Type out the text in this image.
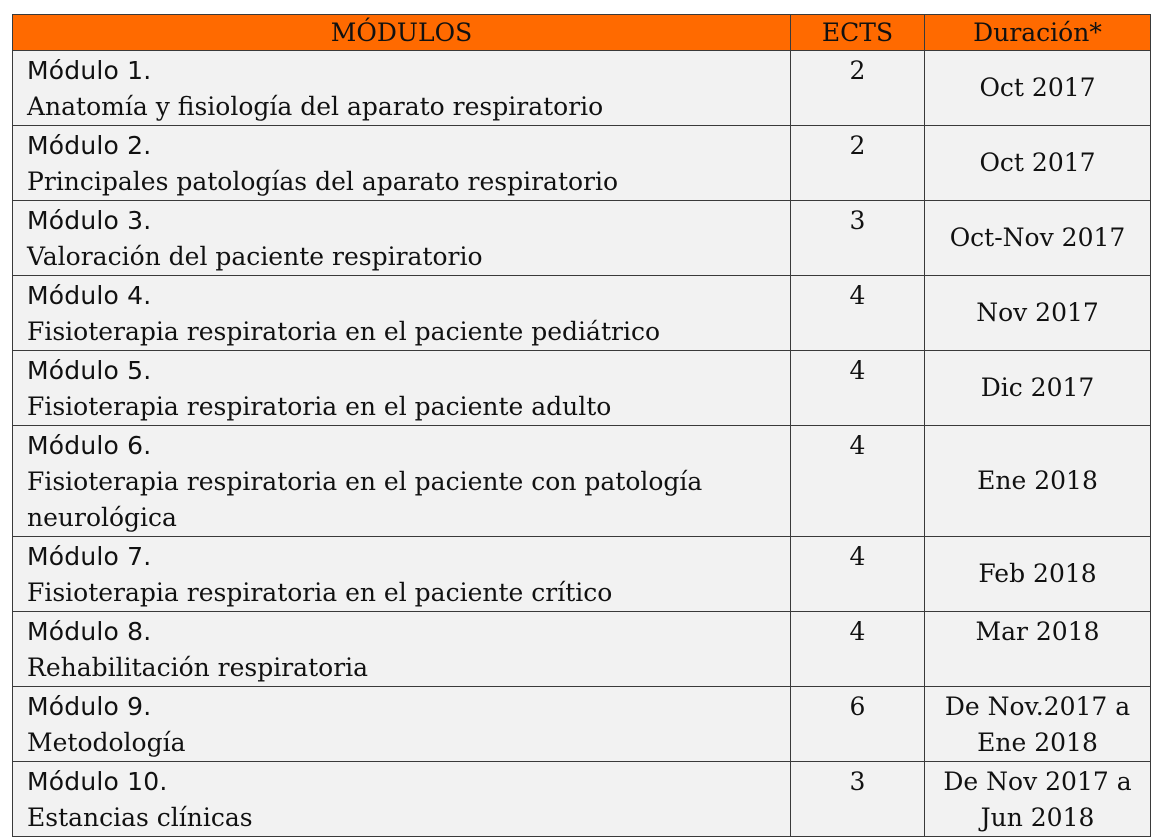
MÓDULOS	ECTS	Duración*

Módulo 1.
Anatomía y fisiología del aparato respiratorio	2	Oct 2017

Módulo 2.
Principales patologías del aparato respiratorio	2	Oct 2017

Módulo 3.
Valoración del paciente respiratorio	3	Oct-Nov 2017

Módulo 4.
Fisioterapia respiratoria en el paciente pediátrico	4	Nov 2017

Módulo 5.
Fisioterapia respiratoria en el paciente adulto	4	Dic 2017

Módulo 6.
Fisioterapia respiratoria en el paciente con patología neurológica	4	Ene 2018

Módulo 7.
Fisioterapia respiratoria en el paciente crítico	4	Feb 2018

Módulo 8.
Rehabilitación respiratoria	4	Mar 2018

Módulo 9.
Metodología	6	De Nov.2017 a Ene 2018

Módulo 10.
Estancias clínicas	3	De Nov 2017 a Jun 2018
